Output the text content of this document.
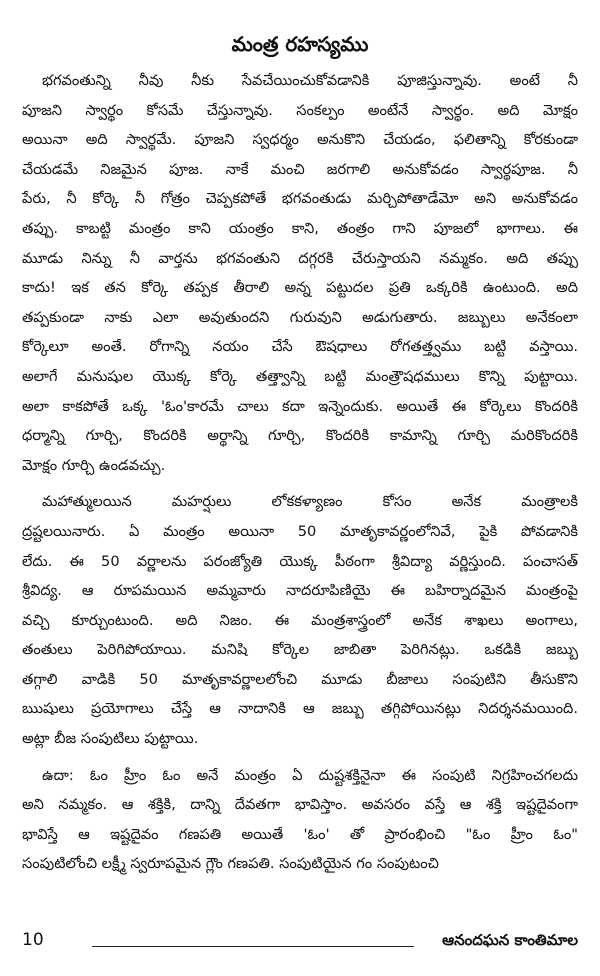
మంత్ర రహస్యము
భగవంతున్ని నీవు నీకు సేవచేయించుకోవడానికి పూజిస్తున్నావు. అంటే నీ
పూజని స్వార్థం కోసమే చేస్తున్నావు. సంకల్పం అంటేనే స్వార్థం. అది మోక్షం
అయినా అది స్వార్థమే. పూజని స్వధర్మం అనుకొని చేయడం, ఫలితాన్ని కోరకుండా
చేయడమే నిజమైన పూజ. నాకే మంచి జరగాలి అనుకోవడం స్వార్థపూజ. నీ
పేరు, నీ కోర్కె నీ గోత్రం చెప్పకపోతే భగవంతుడు మర్చిపోతాడేమో అని అనుకోవడం
తప్పు. కాబట్టి మంత్రం కాని యంత్రం కాని, తంత్రం గాని పూజలో భాగాలు. ఈ
మూడు నిన్ను నీ వార్తను భగవంతుని దగ్గరకి చేరుస్తాయని నమ్మకం. అది తప్పు
కాదు! ఇక తన కోర్కె తప్పక తీరాలి అన్న పట్టుదల ప్రతి ఒక్కరికి ఉంటుంది. అది
తప్పకుండా నాకు ఎలా అవుతుందని గురువుని అడుగుతారు. జబ్బులు అనేకంలా
కోర్కెలూ అంతే. రోగాన్ని నయం చేసే ఔషధాలు రోగతత్త్వము బట్టి వస్తాయి.
అలాగే మనుషుల యొక్క కోర్కె తత్త్వాన్ని బట్టి మంత్రౌషధములు కొన్ని పుట్టాయి.
అలా కాకపోతే ఒక్క 'ఓం'కారమే చాలు కదా ఇన్నెందుకు. అయితే ఈ కోర్కెలు కొందరికి
ధర్మాన్ని గూర్చి, కొందరికి అర్థాన్ని గూర్చి, కొందరికి కామాన్ని గూర్చి మరికొందరికి
మోక్షం గూర్చి ఉండవచ్చు.
మహాత్ములయిన మహర్షులు లోకకళ్యాణం కోసం అనేక మంత్రాలకి
ద్రష్టలయినారు. ఏ మంత్రం అయినా 50 మాతృకావర్ణంలోనివే, పైకి పోవడానికి
లేదు. ఈ 50 వర్ణాలను పరంజ్యోతి యొక్క పీఠంగా శ్రీవిద్యా వర్ణిస్తుంది. పంచాసత్
శ్రీవిద్య. ఆ రూపమయిన అమ్మవారు నాదరూపిణియై ఈ బహిర్నాదమైన మంత్రంపై
వచ్చి కూర్చుంటుంది. అది నిజం. ఈ మంత్రశాస్త్రంలో అనేక శాఖలు అంగాలు,
తంతులు పెరిగిపోయాయి. మనిషి కోర్కెల జాబితా పెరిగినట్లు. ఒకడికి జబ్బు
తగ్గాలి వాడికి 50 మాతృకావర్ణాలలోంచి మూడు బీజాలు సంపుటిని తీసుకొని
ఋషులు ప్రయోగాలు చేస్తే ఆ నాదానికి ఆ జబ్బు తగ్గిపోయినట్లు నిదర్శనమయింది.
అట్లా బీజ సంపుటిలు పుట్టాయి.
ఉదా: ఓం హ్రీం ఓం అనే మంత్రం ఏ దుష్టశక్తినైనా ఈ సంపుటి నిగ్రహించగలదు
అని నమ్మకం. ఆ శక్తికి, దాన్ని దేవతగా భావిస్తాం. అవసరం వస్తే ఆ శక్తి ఇష్టదైవంగా
భావిస్తే ఆ ఇష్టదైవం గణపతి అయితే 'ఓం' తో ప్రారంభించి "ఓం హ్రీం ఓం"
సంపుటిలోంచి లక్ష్మీ స్వరూపమైన గ్లౌం గణపతి. సంపుటియైన గం సంపుటంచి
10	ఆనందఘన కాంతిమాల
